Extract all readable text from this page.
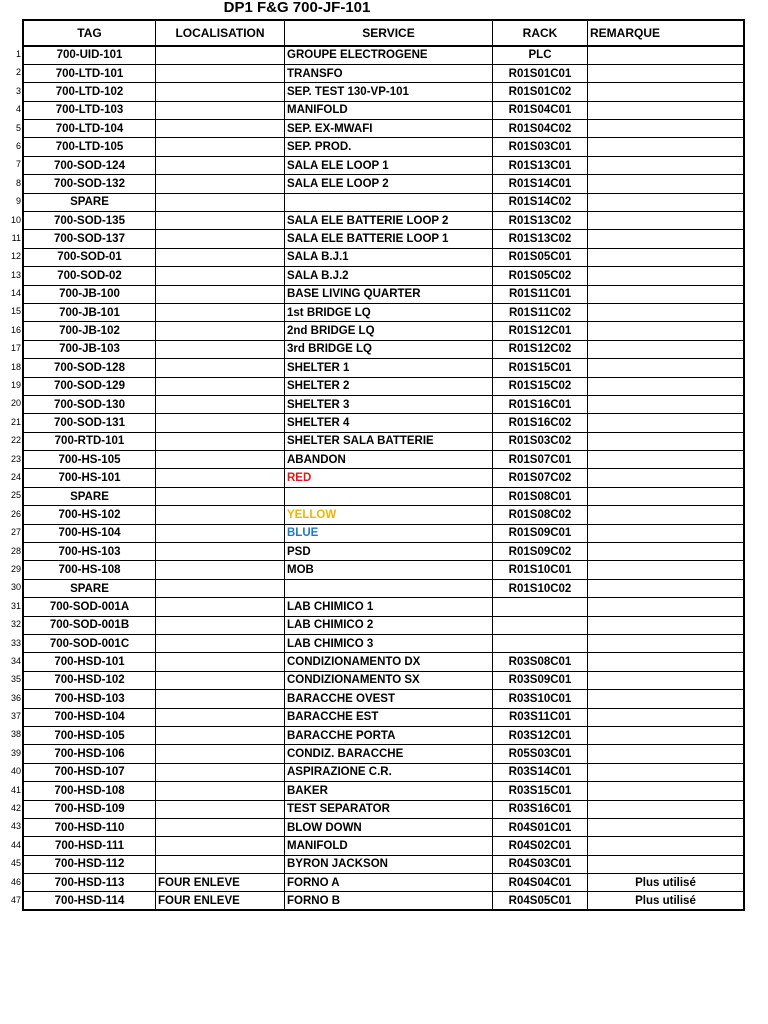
DP1 F&G 700-JF-101
1
2
3
4
5
6
7
8
9
10
11
12
13
14
15
16
17
18
19
20
21
22
23
24
25
26
27
28
29
30
31
32
33
34
35
36
37
38
39
40
41
42
43
44
45
46
47
TAG	LOCALISATION	SERVICE	RACK	REMARQUE
700-UID-101		GROUPE ELECTROGENE	PLC	
700-LTD-101		TRANSFO	R01S01C01	
700-LTD-102		SEP. TEST 130-VP-101	R01S01C02	
700-LTD-103		MANIFOLD	R01S04C01	
700-LTD-104		SEP. EX-MWAFI	R01S04C02	
700-LTD-105		SEP. PROD.	R01S03C01	
700-SOD-124		SALA ELE LOOP 1	R01S13C01	
700-SOD-132		SALA ELE LOOP 2	R01S14C01	
SPARE			R01S14C02	
700-SOD-135		SALA ELE BATTERIE LOOP 2	R01S13C02	
700-SOD-137		SALA ELE BATTERIE LOOP 1	R01S13C02	
700-SOD-01		SALA B.J.1	R01S05C01	
700-SOD-02		SALA B.J.2	R01S05C02	
700-JB-100		BASE LIVING QUARTER	R01S11C01	
700-JB-101		1st BRIDGE LQ	R01S11C02	
700-JB-102		2nd BRIDGE LQ	R01S12C01	
700-JB-103		3rd BRIDGE LQ	R01S12C02	
700-SOD-128		SHELTER 1	R01S15C01	
700-SOD-129		SHELTER 2	R01S15C02	
700-SOD-130		SHELTER 3	R01S16C01	
700-SOD-131		SHELTER 4	R01S16C02	
700-RTD-101		SHELTER SALA BATTERIE	R01S03C02	
700-HS-105		ABANDON	R01S07C01	
700-HS-101		RED	R01S07C02	
SPARE			R01S08C01	
700-HS-102		YELLOW	R01S08C02	
700-HS-104		BLUE	R01S09C01	
700-HS-103		PSD	R01S09C02	
700-HS-108		MOB	R01S10C01	
SPARE			R01S10C02	
700-SOD-001A		LAB CHIMICO 1		
700-SOD-001B		LAB CHIMICO 2		
700-SOD-001C		LAB CHIMICO 3		
700-HSD-101		CONDIZIONAMENTO DX	R03S08C01	
700-HSD-102		CONDIZIONAMENTO SX	R03S09C01	
700-HSD-103		BARACCHE OVEST	R03S10C01	
700-HSD-104		BARACCHE EST	R03S11C01	
700-HSD-105		BARACCHE PORTA	R03S12C01	
700-HSD-106		CONDIZ. BARACCHE	R05S03C01	
700-HSD-107		ASPIRAZIONE C.R.	R03S14C01	
700-HSD-108		BAKER	R03S15C01	
700-HSD-109		TEST SEPARATOR	R03S16C01	
700-HSD-110		BLOW DOWN	R04S01C01	
700-HSD-111		MANIFOLD	R04S02C01	
700-HSD-112		BYRON JACKSON	R04S03C01	
700-HSD-113	FOUR ENLEVE	FORNO A	R04S04C01	Plus utilisé
700-HSD-114	FOUR ENLEVE	FORNO B	R04S05C01	Plus utilisé
